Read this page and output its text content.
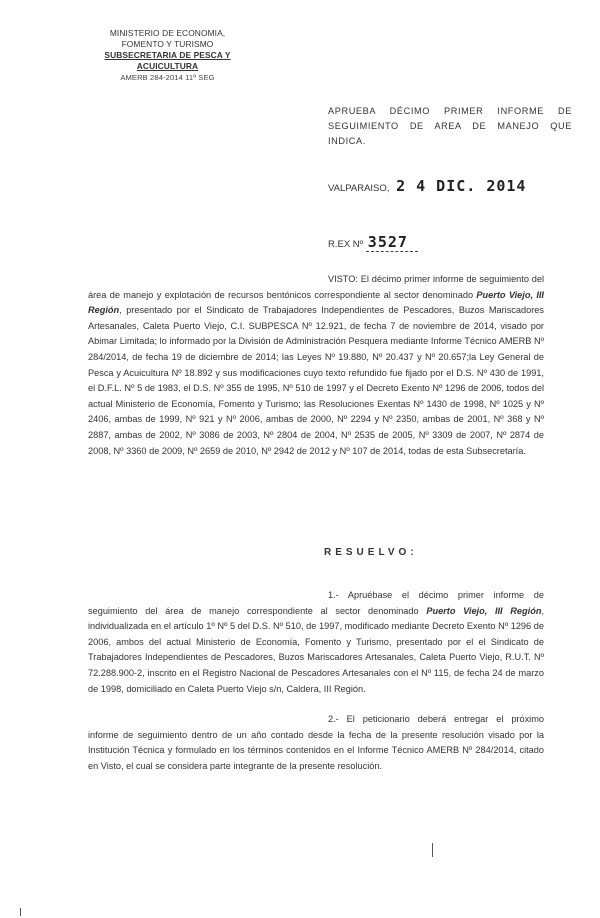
MINISTERIO DE ECONOMIA,
FOMENTO Y TURISMO
SUBSECRETARIA DE PESCA Y ACUICULTURA
AMERB 284-2014 11º SEG
APRUEBA DÉCIMO PRIMER INFORME DE
SEGUIMIENTO DE AREA DE MANEJO QUE INDICA.
VALPARAISO, 2 4 DIC. 2014
R.EX Nº 3527
VISTO: El décimo primer informe de seguimiento del área de manejo y explotación de recursos bentónicos correspondiente al sector denominado Puerto Viejo, III Región, presentado por el Sindicato de Trabajadores Independientes de Pescadores, Buzos Mariscadores Artesanales, Caleta Puerto Viejo, C.I. SUBPESCA Nº 12.921, de fecha 7 de noviembre de 2014, visado por Abimar Limitada; lo informado por la División de Administración Pesquera mediante Informe Técnico AMERB Nº 284/2014, de fecha 19 de diciembre de 2014; las Leyes Nº 19.880, Nº 20.437 y Nº 20.657;la Ley General de Pesca y Acuicultura Nº 18.892 y sus modificaciones cuyo texto refundido fue fijado por el D.S. Nº 430 de 1991, el D.F.L. Nº 5 de 1983, el D.S. Nº 355 de 1995, Nº 510 de 1997 y el Decreto Exento Nº 1296 de 2006, todos del actual Ministerio de Economía, Fomento y Turismo; las Resoluciones Exentas Nº 1430 de 1998, Nº 1025 y Nº 2406, ambas de 1999, Nº 921 y Nº 2006, ambas de 2000, Nº 2294 y Nº 2350, ambas de 2001, Nº 368 y Nº 2887, ambas de 2002, Nº 3086 de 2003, Nº 2804 de 2004, Nº 2535 de 2005, Nº 3309 de 2007, Nº 2874 de 2008, Nº 3360 de 2009, Nº 2659 de 2010, Nº 2942 de 2012 y Nº 107 de 2014, todas de esta Subsecretaría.
RESUELVO:
1.- Apruébase el décimo primer informe de seguimiento del área de manejo correspondiente al sector denominado Puerto Viejo, III Región, individualizada en el artículo 1º Nº 5 del D.S. Nº 510, de 1997, modificado mediante Decreto Exento Nº 1296 de 2006, ambos del actual Ministerio de Economía, Fomento y Turismo, presentado por el el Sindicato de Trabajadores Independientes de Pescadores, Buzos Mariscadores Artesanales, Caleta Puerto Viejo, R.U.T. Nº 72.288.900-2, inscrito en el Registro Nacional de Pescadores Artesanales con el Nº 115, de fecha 24 de marzo de 1998, domiciliado en Caleta Puerto Viejo s/n, Caldera, III Región.
2.- El peticionario deberá entregar el próximo informe de seguimiento dentro de un año contado desde la fecha de la presente resolución visado por la Institución Técnica y formulado en los términos contenidos en el Informe Técnico AMERB Nº 284/2014, citado en Visto, el cual se considera parte integrante de la presente resolución.
